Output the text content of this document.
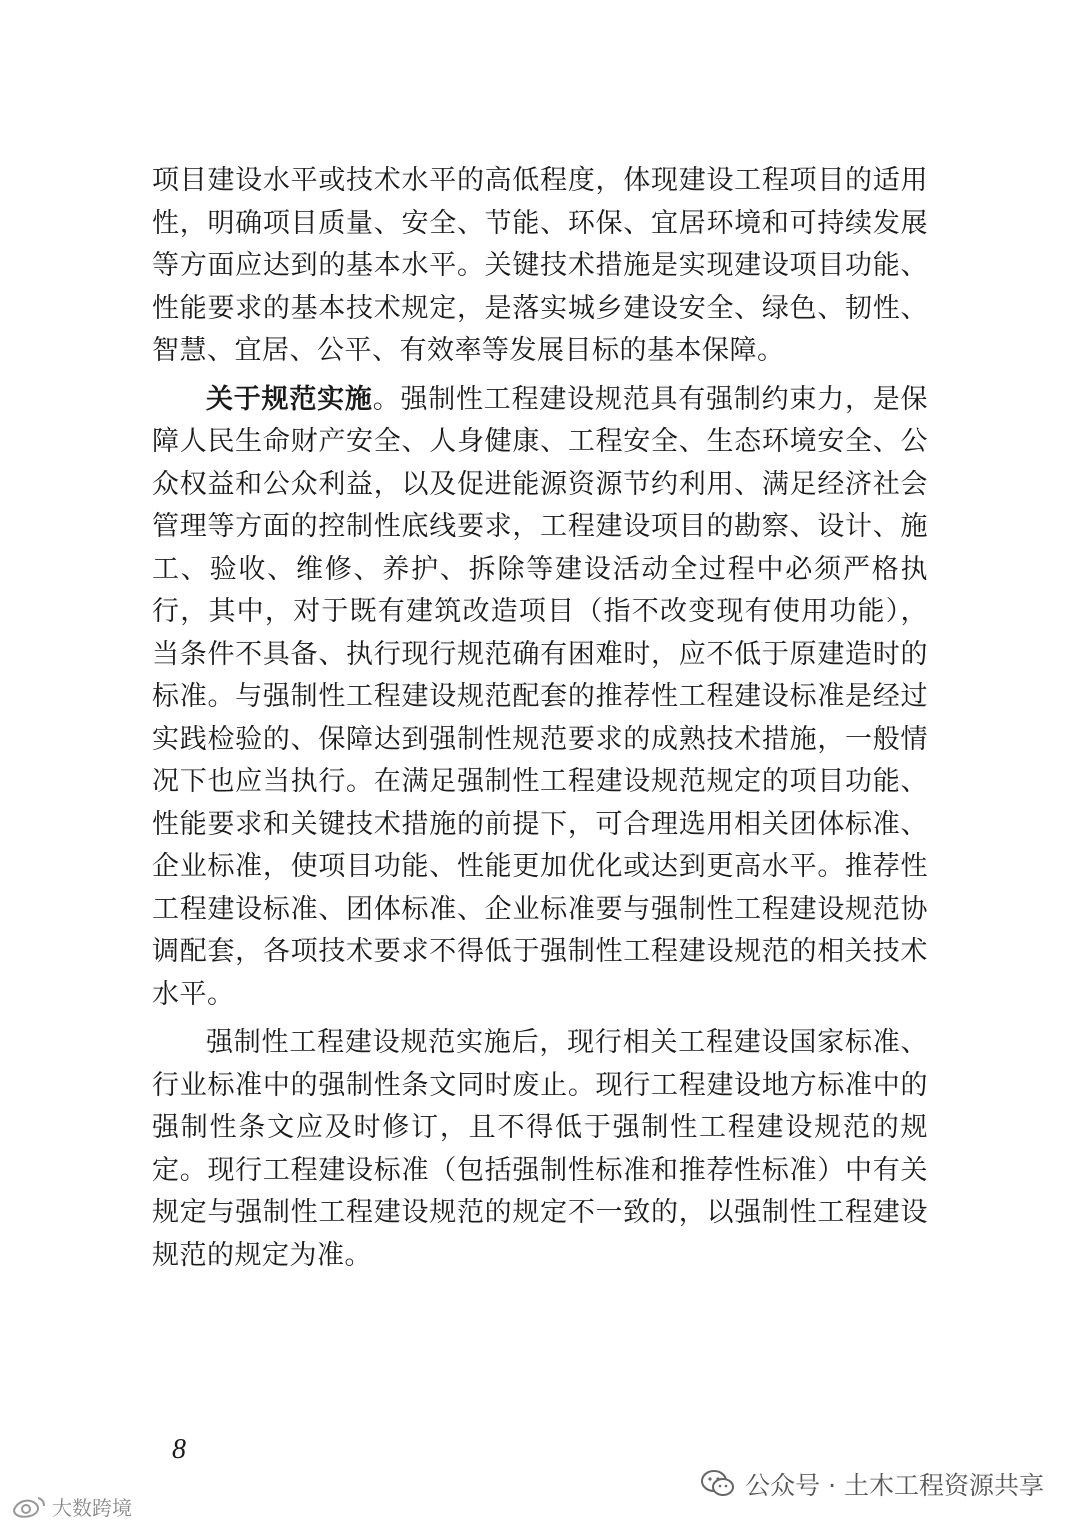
项目建设水平或技术水平的高低程度，体现建设工程项目的适用
性，明确项目质量、安全、节能、环保、宜居环境和可持续发展
等方面应达到的基本水平。关键技术措施是实现建设项目功能、
性能要求的基本技术规定，是落实城乡建设安全、绿色、韧性、
智慧、宜居、公平、有效率等发展目标的基本保障。
关于规范实施。强制性工程建设规范具有强制约束力，是保
障人民生命财产安全、人身健康、工程安全、生态环境安全、公
众权益和公众利益，以及促进能源资源节约利用、满足经济社会
管理等方面的控制性底线要求，工程建设项目的勘察、设计、施
工、验收、维修、养护、拆除等建设活动全过程中必须严格执
行，其中，对于既有建筑改造项目（指不改变现有使用功能），
当条件不具备、执行现行规范确有困难时，应不低于原建造时的
标准。与强制性工程建设规范配套的推荐性工程建设标准是经过
实践检验的、保障达到强制性规范要求的成熟技术措施，一般情
况下也应当执行。在满足强制性工程建设规范规定的项目功能、
性能要求和关键技术措施的前提下，可合理选用相关团体标准、
企业标准，使项目功能、性能更加优化或达到更高水平。推荐性
工程建设标准、团体标准、企业标准要与强制性工程建设规范协
调配套，各项技术要求不得低于强制性工程建设规范的相关技术
水平。
强制性工程建设规范实施后，现行相关工程建设国家标准、
行业标准中的强制性条文同时废止。现行工程建设地方标准中的
强制性条文应及时修订，且不得低于强制性工程建设规范的规
定。现行工程建设标准（包括强制性标准和推荐性标准）中有关
规定与强制性工程建设规范的规定不一致的，以强制性工程建设
规范的规定为准。
8
公众号 · 土木工程资源共享
大数跨境
